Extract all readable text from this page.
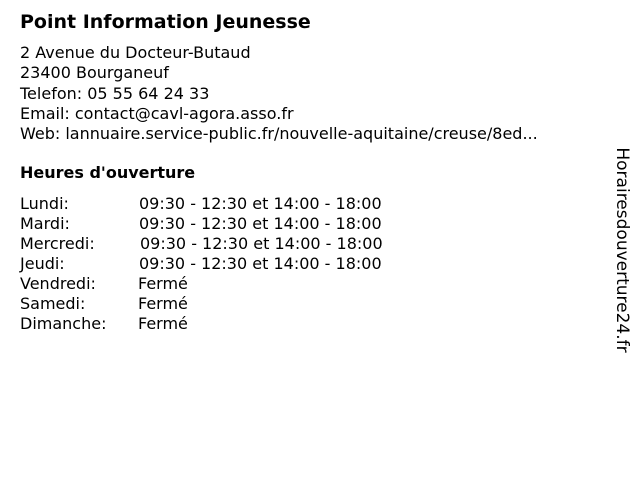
Point Information Jeunesse
2 Avenue du Docteur-Butaud
23400 Bourganeuf
Telefon: 05 55 64 24 33
Email: contact@cavl-agora.asso.fr
Web: lannuaire.service-public.fr/nouvelle-aquitaine/creuse/8ed...
Heures d'ouverture
Lundi:	09:30 - 12:30 et 14:00 - 18:00
Mardi:	09:30 - 12:30 et 14:00 - 18:00
Mercredi:	09:30 - 12:30 et 14:00 - 18:00
Jeudi:	09:30 - 12:30 et 14:00 - 18:00
Vendredi:	Fermé
Samedi:	Fermé
Dimanche: Fermé	Horairesdouverture24.fr
